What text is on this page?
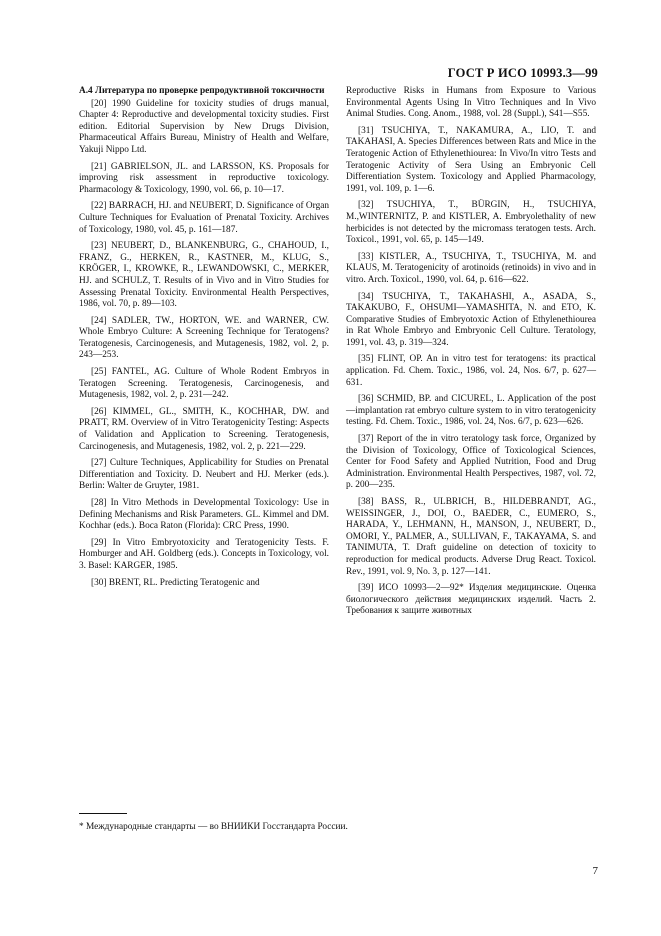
ГОСТ Р ИСО 10993.3—99

А.4 Литература по проверке репродуктивной токсичности

[20] 1990 Guideline for toxicity studies of drugs manual, Chapter 4: Reproductive and developmental toxicity studies. First edition. Editorial Supervision by New Drugs Division, Pharmaceutical Affairs Bureau, Ministry of Health and Welfare, Yakuji Nippo Ltd.

[21] GABRIELSON, JL. and LARSSON, KS. Proposals for improving risk assessment in reproductive toxicology. Pharmacology & Toxicology, 1990, vol. 66, p. 10—17.

[22] BARRACH, HJ. and NEUBERT, D. Significance of Organ Culture Techniques for Evaluation of Prenatal Toxicity. Archives of Toxicology, 1980, vol. 45, p. 161—187.

[23] NEUBERT, D., BLANKENBURG, G., CHAHOUD, I., FRANZ, G., HERKEN, R., KASTNER, M., KLUG, S., KRÖGER, I., KROWKE, R., LEWANDOWSKI, C., MERKER, HJ. and SCHULZ, T. Results of in Vivo and in Vitro Studies for Assessing Prenatal Toxicity. Environmental Health Perspectives, 1986, vol. 70, p. 89—103.

[24] SADLER, TW., HORTON, WE. and WARNER, CW. Whole Embryo Culture: A Screening Technique for Teratogens? Teratogenesis, Carcinogenesis, and Mutagenesis, 1982, vol. 2, p. 243—253.

[25] FANTEL, AG. Culture of Whole Rodent Embryos in Teratogen Screening. Teratogenesis, Carcinogenesis, and Mutagenesis, 1982, vol. 2, p. 231—242.

[26] KIMMEL, GL., SMITH, K., KOCHHAR, DW. and PRATT, RM. Overview of in Vitro Teratogenicity Testing: Aspects of Validation and Application to Screening. Teratogenesis, Carcinogenesis, and Mutagenesis, 1982, vol. 2, p. 221—229.

[27] Culture Techniques, Applicability for Studies on Prenatal Differentiation and Toxicity. D. Neubert and HJ. Merker (eds.). Berlin: Walter de Gruyter, 1981.

[28] In Vitro Methods in Developmental Toxicology: Use in Defining Mechanisms and Risk Parameters. GL. Kimmel and DM. Kochhar (eds.). Boca Raton (Florida): CRC Press, 1990.

[29] In Vitro Embryotoxicity and Teratogenicity Tests. F. Homburger and AH. Goldberg (eds.). Concepts in Toxicology, vol. 3. Basel: KARGER, 1985.

[30] BRENT, RL. Predicting Teratogenic and

Reproductive Risks in Humans from Exposure to Various Environmental Agents Using In Vitro Techniques and In Vivo Animal Studies. Cong. Anom., 1988, vol. 28 (Suppl.), S41—S55.

[31] TSUCHIYA, T., NAKAMURA, A., LIO, T. and TAKAHASI, A. Species Differences between Rats and Mice in the Teratogenic Action of Ethylenethiourea: In Vivo/In vitro Tests and Teratogenic Activity of Sera Using an Embryonic Cell Differentiation System. Toxicology and Applied Pharmacology, 1991, vol. 109, p. 1—6.

[32] TSUCHIYA, T., BÜRGIN, H., TSUCHIYA, M.,WINTERNITZ, P. and KISTLER, A. Embryolethality of new herbicides is not detected by the micromass teratogen tests. Arch. Toxicol., 1991, vol. 65, p. 145—149.

[33] KISTLER, A., TSUCHIYA, T., TSUCHIYA, M. and KLAUS, M. Teratogenicity of arotinoids (retinoids) in vivo and in vitro. Arch. Toxicol., 1990, vol. 64, p. 616—622.

[34] TSUCHIYA, T., TAKAHASHI, A., ASADA, S., TAKAKUBO, F., OHSUMI—YAMASHITA, N. and ETO, K. Comparative Studies of Embryotoxic Action of Ethylenethiourea in Rat Whole Embryo and Embryonic Cell Culture. Teratology, 1991, vol. 43, p. 319—324.

[35] FLINT, OP. An in vitro test for teratogens: its practical application. Fd. Chem. Toxic., 1986, vol. 24, Nos. 6/7, p. 627—631.

[36] SCHMID, BP. and CICUREL, L. Application of the post—implantation rat embryo culture system to in vitro teratogenicity testing. Fd. Chem. Toxic., 1986, vol. 24, Nos. 6/7, p. 623—626.

[37] Report of the in vitro teratology task force, Organized by the Division of Toxicology, Office of Toxicological Sciences, Center for Food Safety and Applied Nutrition, Food and Drug Administration. Environmental Health Perspectives, 1987, vol. 72, p. 200—235.

[38] BASS, R., ULBRICH, B., HILDEBRANDT, AG., WEISSINGER, J., DOI, O., BAEDER, C., EUMERO, S., HARADA, Y., LEHMANN, H., MANSON, J., NEUBERT, D., OMORI, Y., PALMER, A., SULLIVAN, F., TAKAYAMA, S. and TANIMUTA, T. Draft guideline on detection of toxicity to reproduction for medical products. Adverse Drug React. Toxicol. Rev., 1991, vol. 9, No. 3, p. 127—141.

[39] ИСО 10993—2—92* Изделия медицинские. Оценка биологического действия медицинских изделий. Часть 2. Требования к защите животных

* Международные стандарты — во ВНИИКИ Госстандарта России.
7
